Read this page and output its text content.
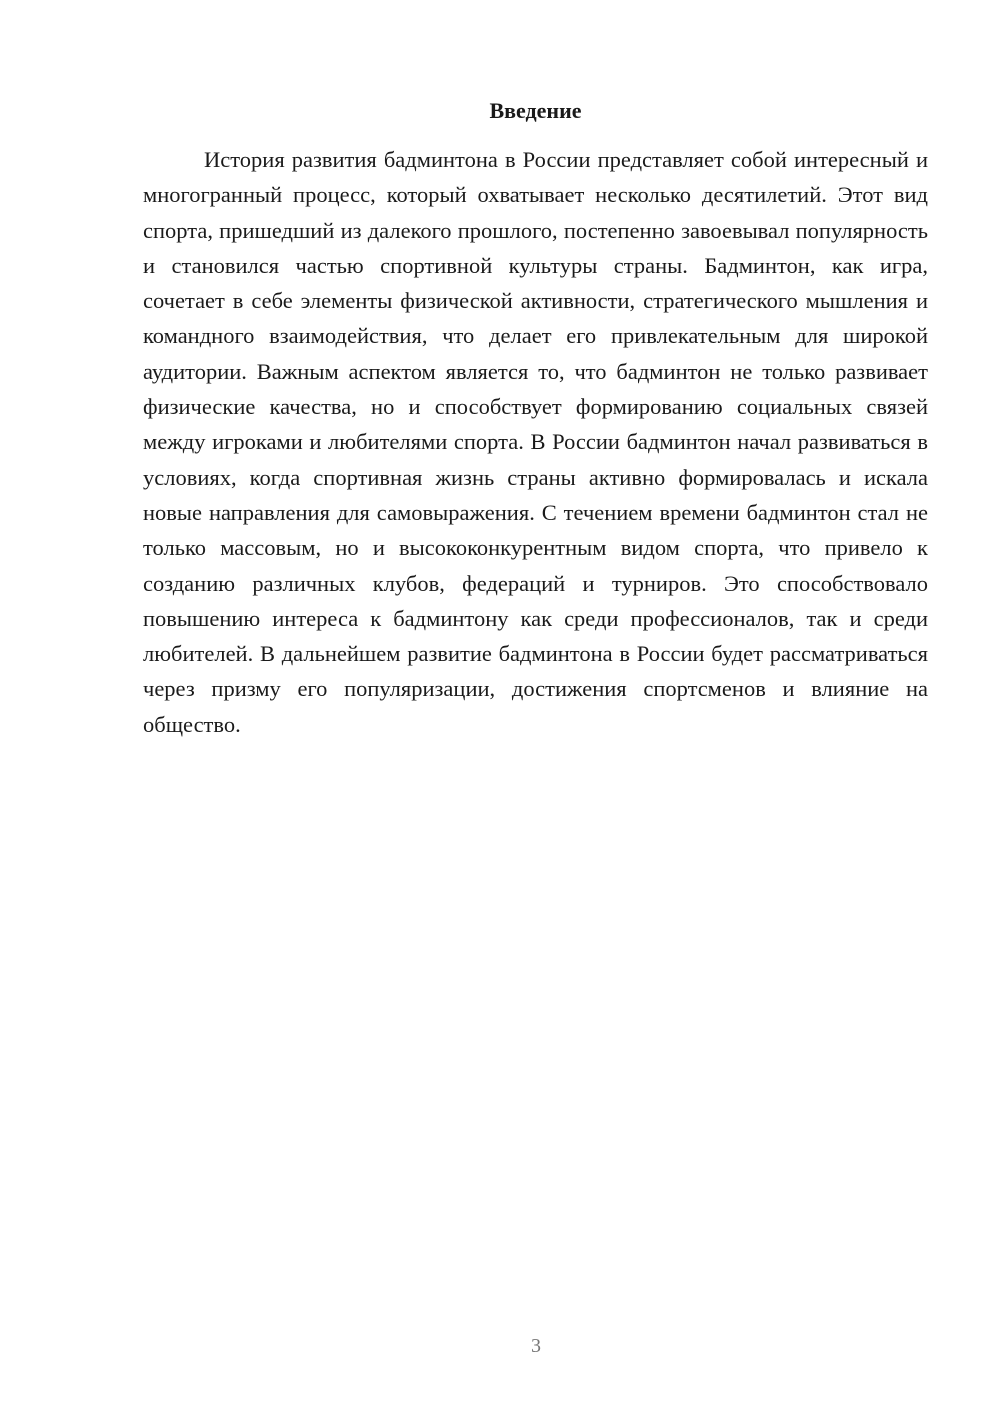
Введение

История развития бадминтона в России представляет собой интересный и многогранный процесс, который охватывает несколько десятилетий. Этот вид спорта, пришедший из далекого прошлого, постепенно завоевывал популярность и становился частью спортивной культуры страны. Бадминтон, как игра, сочетает в себе элементы физической активности, стратегического мышления и командного взаимодействия, что делает его привлекательным для широкой аудитории. Важным аспектом является то, что бадминтон не только развивает физические качества, но и способствует формированию социальных связей между игроками и любителями спорта. В России бадминтон начал развиваться в условиях, когда спортивная жизнь страны активно формировалась и искала новые направления для самовыражения. С течением времени бадминтон стал не только массовым, но и высококонкурентным видом спорта, что привело к созданию различных клубов, федераций и турниров. Это способствовало повышению интереса к бадминтону как среди профессионалов, так и среди любителей. В дальнейшем развитие бадминтона в России будет рассматриваться через призму его популяризации, достижения спортсменов и влияние на общество.

3
